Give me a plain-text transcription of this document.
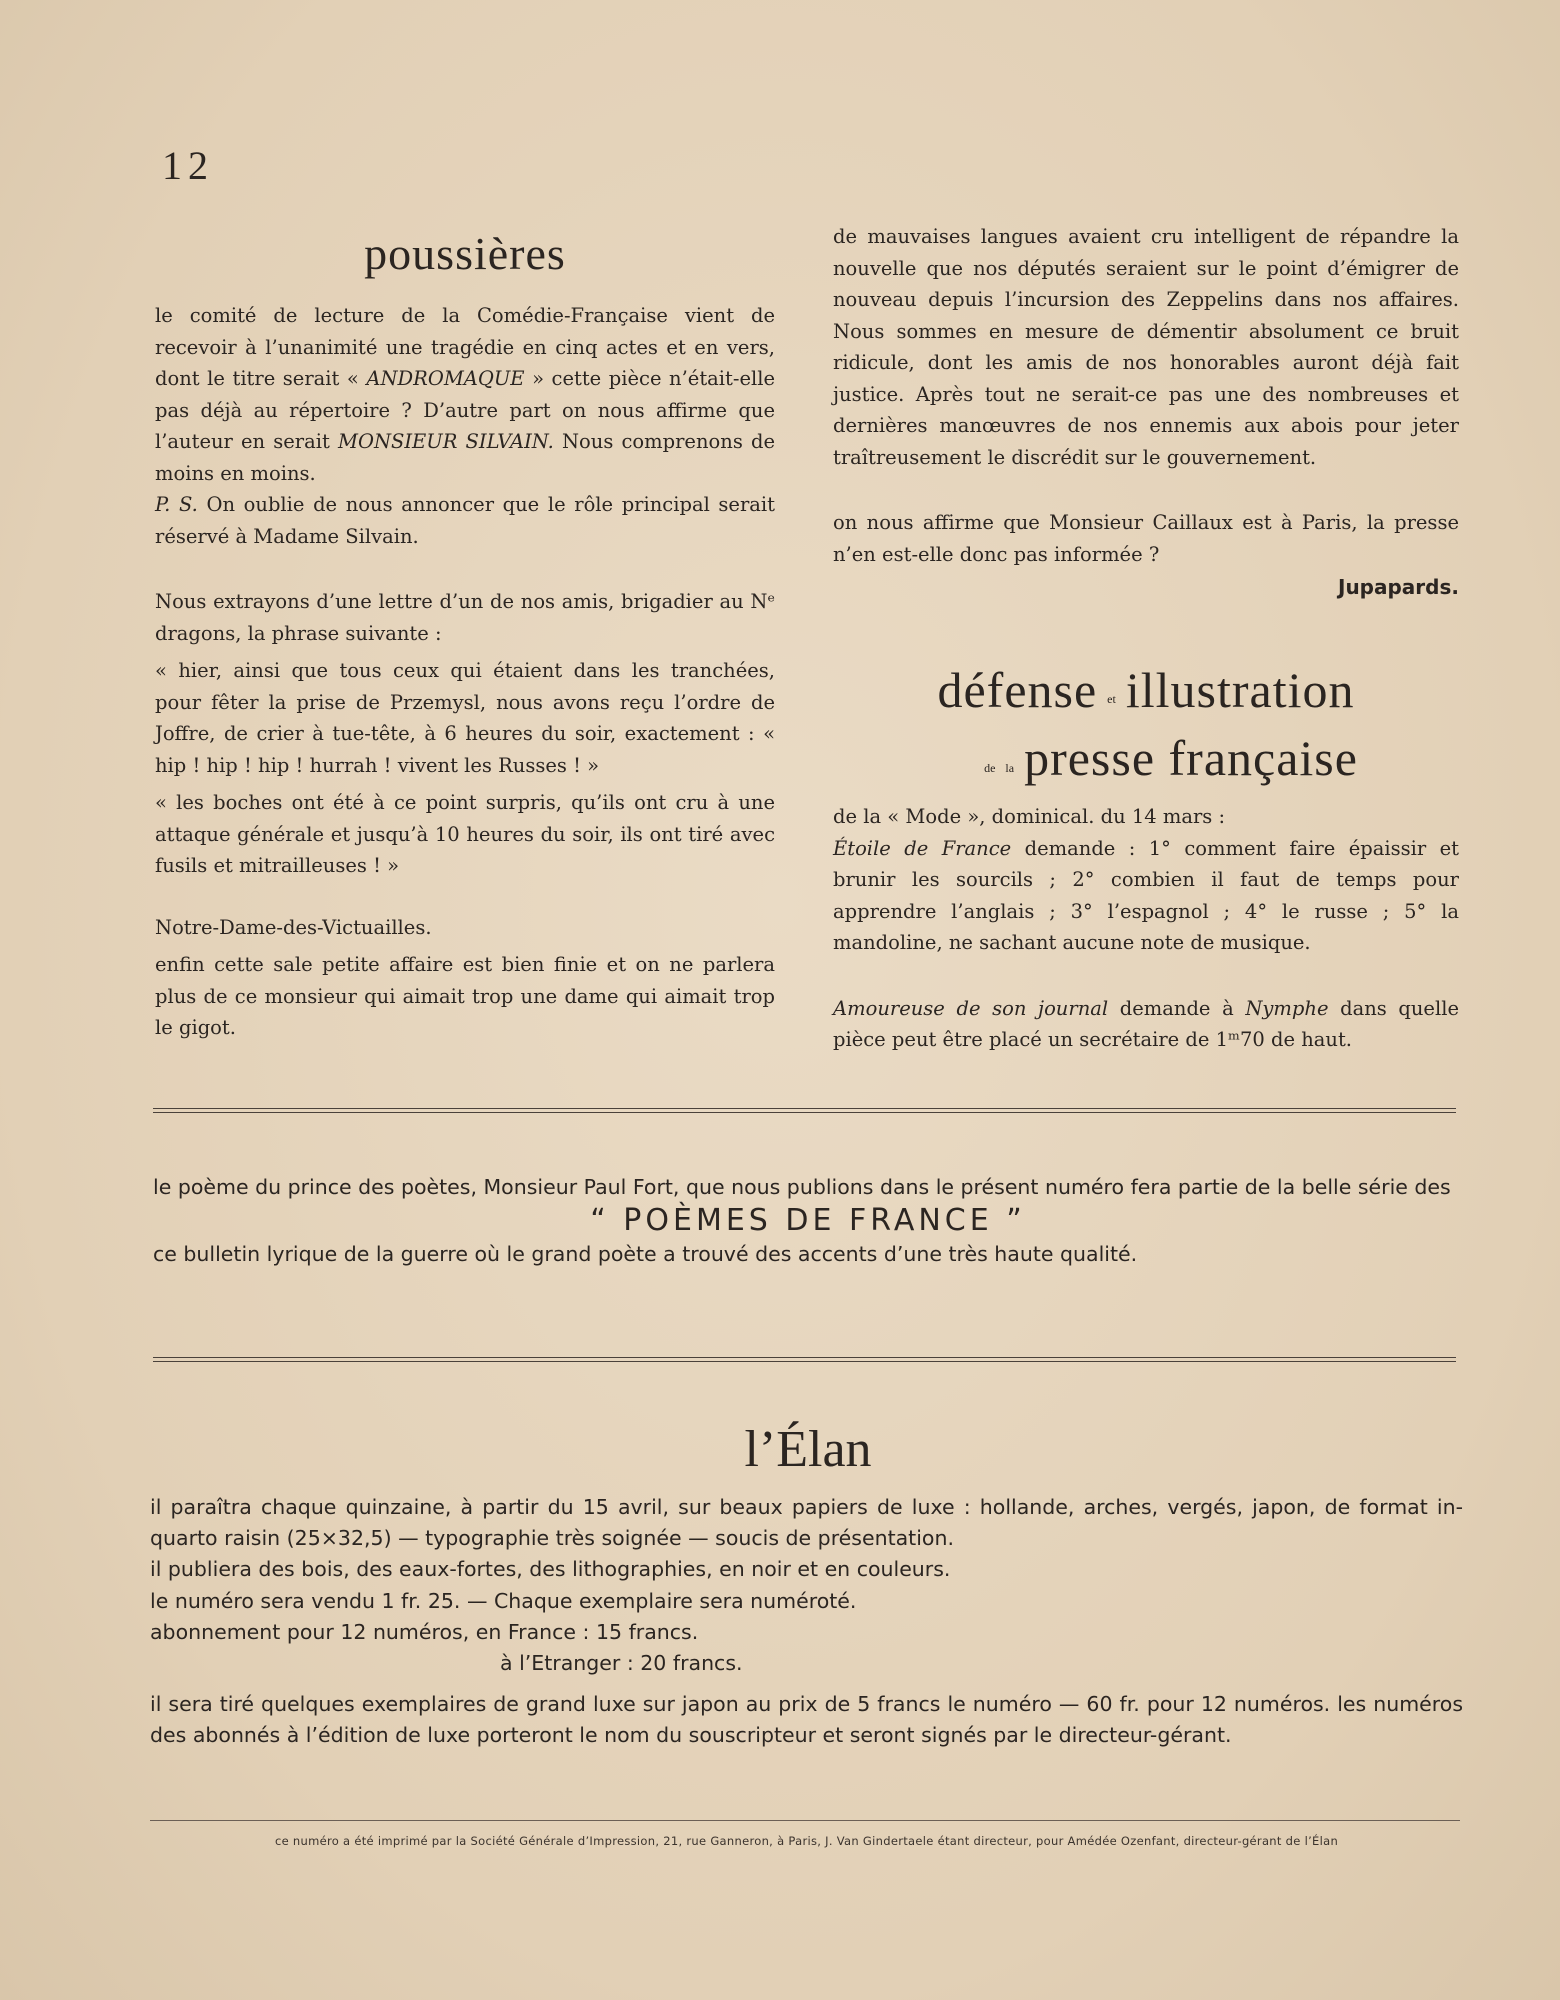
12
poussières

le comité de lecture de la Comédie-Française vient de recevoir à l’unanimité une tragédie en cinq actes et en vers, dont le titre serait « ANDROMAQUE » cette pièce n’était-elle pas déjà au répertoire ? D’autre part on nous affirme que l’auteur en serait MONSIEUR SILVAIN. Nous comprenons de moins en moins.

P. S. On oublie de nous annoncer que le rôle principal serait réservé à Madame Silvain.

Nous extrayons d’une lettre d’un de nos amis, brigadier au Nᵉ dragons, la phrase suivante :

« hier, ainsi que tous ceux qui étaient dans les tranchées, pour fêter la prise de Przemysl, nous avons reçu l’ordre de Joffre, de crier à tue-tête, à 6 heures du soir, exactement : « hip ! hip ! hip ! hurrah ! vivent les Russes ! »

« les boches ont été à ce point surpris, qu’ils ont cru à une attaque générale et jusqu’à 10 heures du soir, ils ont tiré avec fusils et mitrailleuses ! »

Notre-Dame-des-Victuailles.

enfin cette sale petite affaire est bien finie et on ne parlera plus de ce monsieur qui aimait trop une dame qui aimait trop le gigot.

de mauvaises langues avaient cru intelligent de répandre la nouvelle que nos députés seraient sur le point d’émigrer de nouveau depuis l’incursion des Zeppelins dans nos affaires. Nous sommes en mesure de démentir absolument ce bruit ridicule, dont les amis de nos honorables auront déjà fait justice. Après tout ne serait-ce pas une des nombreuses et dernières manœuvres de nos ennemis aux abois pour jeter traîtreusement le discrédit sur le gouvernement.

on nous affirme que Monsieur Caillaux est à Paris, la presse n’en est-elle donc pas informée ?

Jupapards.

défense et illustration
de la presse française

de la « Mode », dominical. du 14 mars :

Étoile de France demande : 1° comment faire épaissir et brunir les sourcils ; 2° combien il faut de temps pour apprendre l’anglais ; 3° l’espagnol ; 4° le russe ; 5° la mandoline, ne sachant aucune note de musique.

Amoureuse de son journal demande à Nymphe dans quelle pièce peut être placé un secrétaire de 1ᵐ70 de haut.

le poème du prince des poètes, Monsieur Paul Fort, que nous publions dans le présent numéro fera partie de la belle série des

“ POÈMES DE FRANCE ”

ce bulletin lyrique de la guerre où le grand poète a trouvé des accents d’une très haute qualité.

l’Élan

il paraîtra chaque quinzaine, à partir du 15 avril, sur beaux papiers de luxe : hollande, arches, vergés, japon, de format in-quarto raisin (25×32,5) — typographie très soignée — soucis de présentation.

il publiera des bois, des eaux-fortes, des lithographies, en noir et en couleurs.

le numéro sera vendu 1 fr. 25. — Chaque exemplaire sera numéroté.

abonnement pour 12 numéros, en France : 15 francs.

à l’Etranger : 20 francs.

il sera tiré quelques exemplaires de grand luxe sur japon au prix de 5 francs le numéro — 60 fr. pour 12 numéros. les numéros des abonnés à l’édition de luxe porteront le nom du souscripteur et seront signés par le directeur-gérant.

ce numéro a été imprimé par la Société Générale d’Impression, 21, rue Ganneron, à Paris, J. Van Gindertaele étant directeur, pour Amédée Ozenfant, directeur-gérant de l’Élan
